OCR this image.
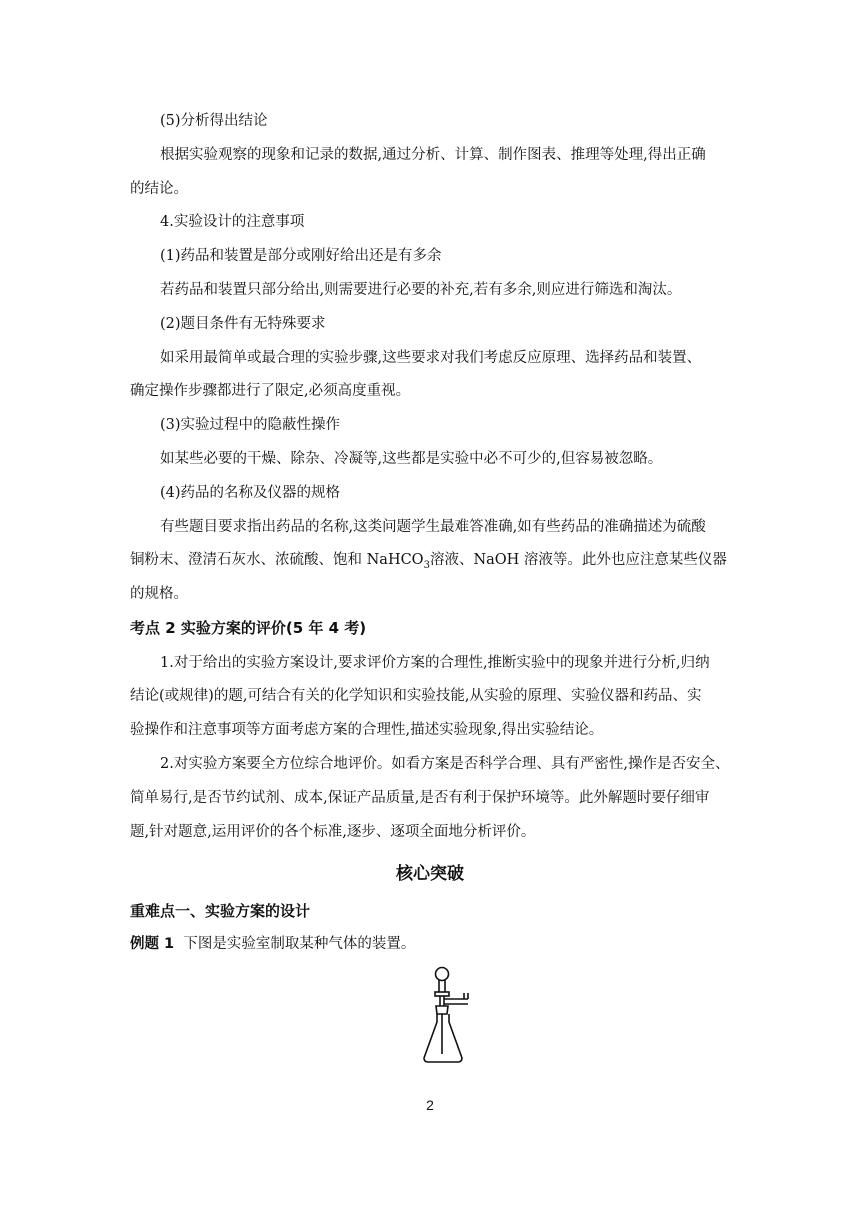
(5)分析得出结论
根据实验观察的现象和记录的数据,通过分析、计算、制作图表、推理等处理,得出正确
的结论。
4.实验设计的注意事项
(1)药品和装置是部分或刚好给出还是有多余
若药品和装置只部分给出,则需要进行必要的补充,若有多余,则应进行筛选和淘汰。
(2)题目条件有无特殊要求
如采用最简单或最合理的实验步骤,这些要求对我们考虑反应原理、选择药品和装置、
确定操作步骤都进行了限定,必须高度重视。
(3)实验过程中的隐蔽性操作
如某些必要的干燥、除杂、冷凝等,这些都是实验中必不可少的,但容易被忽略。
(4)药品的名称及仪器的规格
有些题目要求指出药品的名称,这类问题学生最难答准确,如有些药品的准确描述为硫酸
铜粉末、澄清石灰水、浓硫酸、饱和 NaHCO$_3$溶液、NaOH 溶液等。此外也应注意某些仪器
的规格。
考点 2 实验方案的评价(5 年 4 考)
1.对于给出的实验方案设计,要求评价方案的合理性,推断实验中的现象并进行分析,归纳
结论(或规律)的题,可结合有关的化学知识和实验技能,从实验的原理、实验仪器和药品、实
验操作和注意事项等方面考虑方案的合理性,描述实验现象,得出实验结论。
2.对实验方案要全方位综合地评价。如看方案是否科学合理、具有严密性,操作是否安全、
简单易行,是否节约试剂、成本,保证产品质量,是否有利于保护环境等。此外解题时要仔细审
题,针对题意,运用评价的各个标准,逐步、逐项全面地分析评价。
核心突破
重难点一、实验方案的设计
例题 1 下图是实验室制取某种气体的装置。
2
